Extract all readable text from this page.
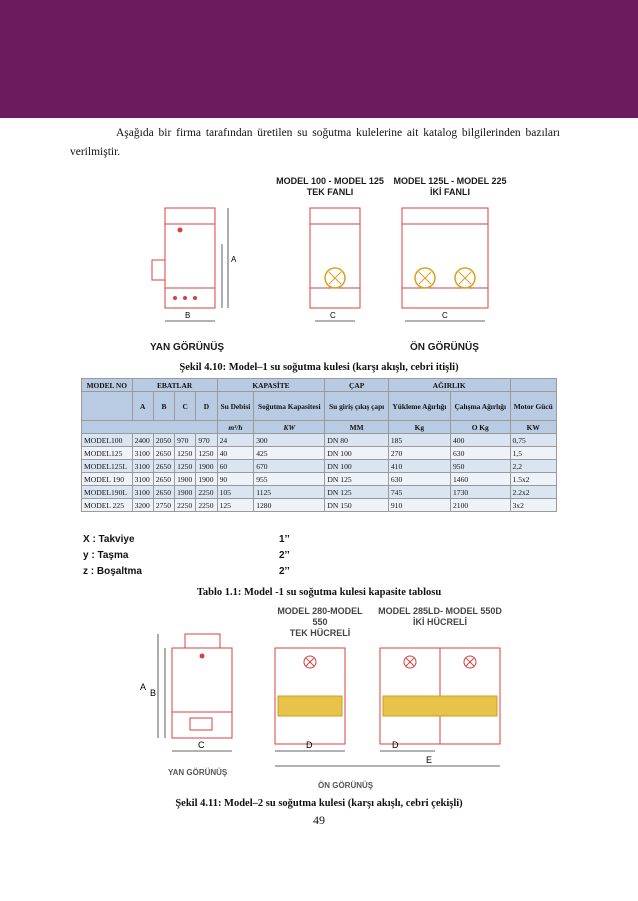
Aşağıda bir firma tarafından üretilen su soğutma kulelerine ait katalog bilgilerinden bazıları verilmiştir.

MODEL 100 - MODEL 125
TEK FANLI
MODEL 125L - MODEL 225
İKİ FANLI
A
B	C	C
YAN GÖRÜNÜŞ	ÖN GÖRÜNÜŞ
Şekil 4.10: Model–1 su soğutma kulesi (karşı akışlı, cebri itişli)
MODEL NO	EBATLAR				KAPASİTE		ÇAP	AĞIRLIK		
	A	B	C	D	Su Debisi	Soğutma Kapasitesi	Su giriş çıkış çapı	Yükleme Ağırlığı	Çalışma Ağırlığı	Motor Gücü
					m³/h	KW	MM	Kg	O Kg	KW
MODEL100	2400	2050	970	970	24	300	DN 80	185	400	0,75
MODEL125	3100	2650	1250	1250	40	425	DN 100	270	630	1,5
MODEL125L	3100	2650	1250	1900	60	670	DN 100	410	950	2,2
MODEL 190	3100	2650	1900	1900	90	955	DN 125	630	1460	1.5x2
MODEL190L	3100	2650	1900	2250	105	1125	DN 125	745	1730	2.2x2
MODEL 225	3200	2750	2250	2250	125	1280	DN 150	910	2100	3x2
X : Takviye	1’’
y : Taşma	2’’
z : Boşaltma	2’’
Tablo 1.1: Model -1 su soğutma kulesi kapasite tablosu
MODEL 280-MODEL 550
TEK HÜCRELİ
MODEL 285LD- MODEL 550D
İKİ HÜCRELİ
A
B
C	D	D
E
YAN GÖRÜNÜŞ
ÖN GÖRÜNÜŞ
Şekil 4.11: Model–2 su soğutma kulesi (karşı akışlı, cebri çekişli)
49
